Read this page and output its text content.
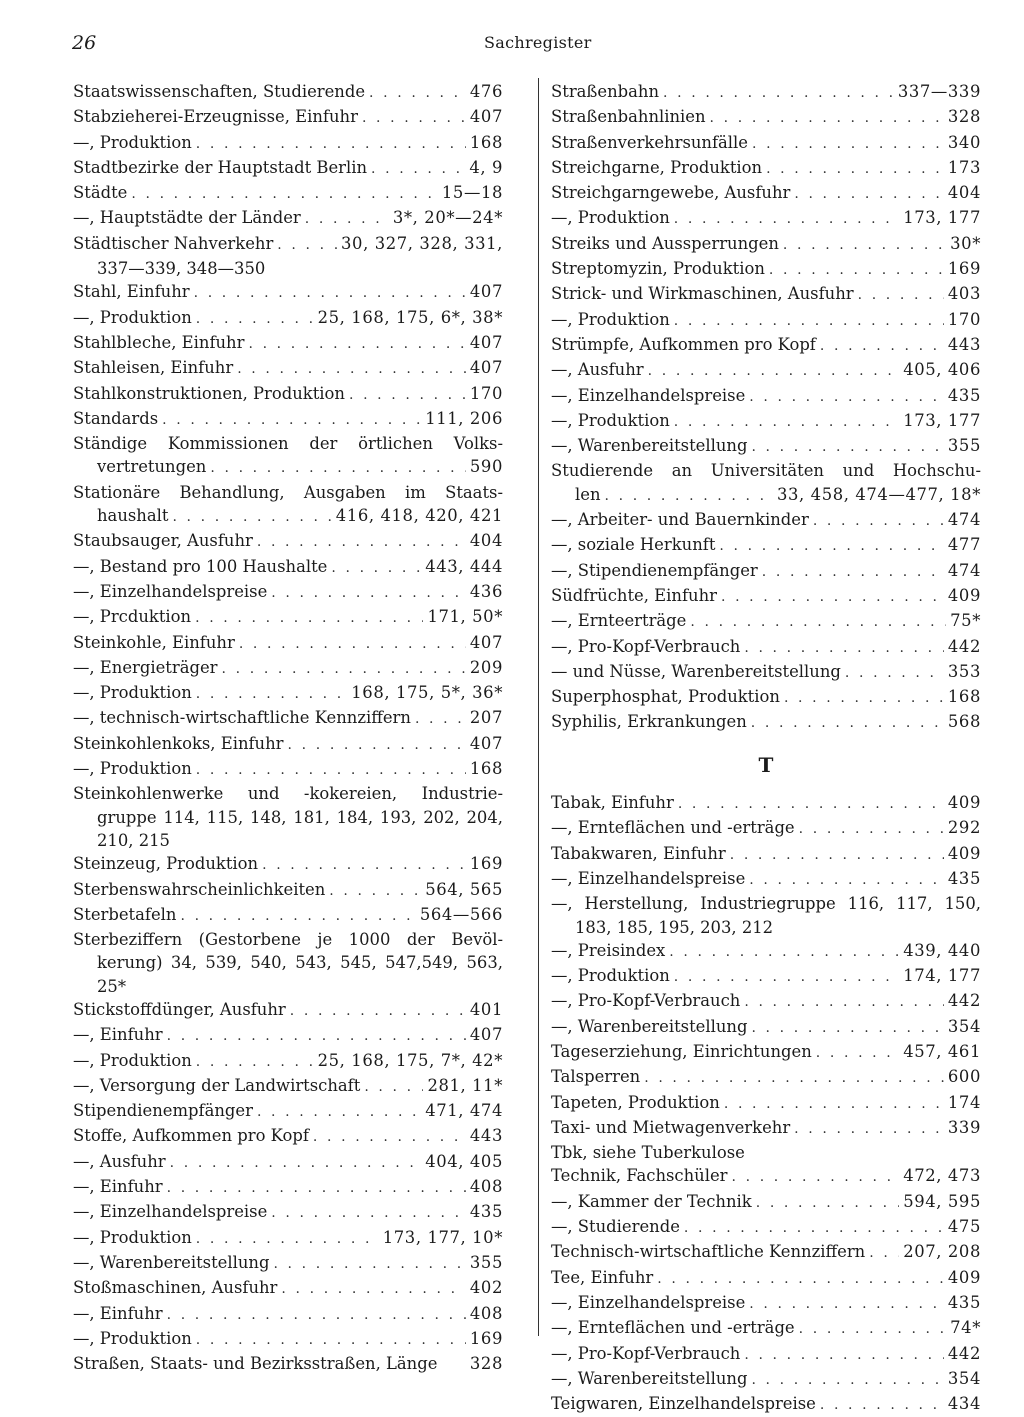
26	Sachregister
Staatswissenschaften, Studierende . . .	476
Stabzieherei-Erzeugnisse, Einfuhr . . .	407
—, Produktion . . .	168
Stadtbezirke der Hauptstadt Berlin . . .	4, 9
Städte . . .	15—18
—, Hauptstädte der Länder . . .	3*, 20*—24*
Städtischer Nahverkehr . . .	30, 327, 328, 331,
337—339, 348—350
Stahl, Einfuhr . . .	407
—, Produktion . . .	25, 168, 175, 6*, 38*
Stahlbleche, Einfuhr . . .	407
Stahleisen, Einfuhr . . .	407
Stahlkonstruktionen, Produktion . . .	170
Standards . . .	111, 206
Ständige Kommissionen der örtlichen Volks-
vertretungen . . .	590
Stationäre Behandlung, Ausgaben im Staats-
haushalt . . .	416, 418, 420, 421
Staubsauger, Ausfuhr . . .	404
—, Bestand pro 100 Haushalte . . .	443, 444
—, Einzelhandelspreise . . .	436
—, Prcduktion . . .	171, 50*
Steinkohle, Einfuhr . . .	407
—, Energieträger . . .	209
—, Produktion . . .	168, 175, 5*, 36*
—, technisch-wirtschaftliche Kennziffern . . .	207
Steinkohlenkoks, Einfuhr . . .	407
—, Produktion . . .	168
Steinkohlenwerke und -kokereien, Industrie-
gruppe 114, 115, 148, 181, 184, 193, 202, 204,
210, 215
Steinzeug, Produktion . . .	169
Sterbenswahrscheinlichkeiten . . .	564, 565
Sterbetafeln . . .	564—566
Sterbeziffern (Gestorbene je 1000 der Bevöl-
kerung) 34, 539, 540, 543, 545, 547,549, 563,
25*
Stickstoffdünger, Ausfuhr . . .	401
—, Einfuhr . . .	407
—, Produktion . . .	25, 168, 175, 7*, 42*
—, Versorgung der Landwirtschaft . . .	281, 11*
Stipendienempfänger . . .	471, 474
Stoffe, Aufkommen pro Kopf . . .	443
—, Ausfuhr . . .	404, 405
—, Einfuhr . . .	408
—, Einzelhandelspreise . . .	435
—, Produktion . . .	173, 177, 10*
—, Warenbereitstellung . . .	355
Stoßmaschinen, Ausfuhr . . .	402
—, Einfuhr . . .	408
—, Produktion . . .	169
Straßen, Staats- und Bezirksstraßen, Länge 328
Straßenbahn . . .	337—339
Straßenbahnlinien . . .	328
Straßenverkehrsunfälle . . .	340
Streichgarne, Produktion . . .	173
Streichgarngewebe, Ausfuhr . . .	404
—, Produktion . . .	173, 177
Streiks und Aussperrungen . . .	30*
Streptomyzin, Produktion . . .	169
Strick- und Wirkmaschinen, Ausfuhr . . .	403
—, Produktion . . .	170
Strümpfe, Aufkommen pro Kopf . . .	443
—, Ausfuhr . . .	405, 406
—, Einzelhandelspreise . . .	435
—, Produktion . . .	173, 177
—, Warenbereitstellung . . .	355
Studierende an Universitäten und Hochschu-
len . . .	33, 458, 474—477, 18*
—, Arbeiter- und Bauernkinder . . .	474
—, soziale Herkunft . . .	477
—, Stipendienempfänger . . .	474
Südfrüchte, Einfuhr . . .	409
—, Ernteerträge . . .	75*
—, Pro-Kopf-Verbrauch . . .	442
— und Nüsse, Warenbereitstellung . . .	353
Superphosphat, Produktion . . .	168
Syphilis, Erkrankungen . . .	568
T
Tabak, Einfuhr . . .	409
—, Ernteflächen und -erträge . . .	292
Tabakwaren, Einfuhr . . .	409
—, Einzelhandelspreise . . .	435
—, Herstellung, Industriegruppe 116, 117, 150,
183, 185, 195, 203, 212
—, Preisindex . . .	439, 440
—, Produktion . . .	174, 177
—, Pro-Kopf-Verbrauch . . .	442
—, Warenbereitstellung . . .	354
Tageserziehung, Einrichtungen . . .	457, 461
Talsperren . . .	600
Tapeten, Produktion . . .	174
Taxi- und Mietwagenverkehr . . .	339
Tbk, siehe Tuberkulose
Technik, Fachschüler . . .	472, 473
—, Kammer der Technik . . .	594, 595
—, Studierende . . .	475
Technisch-wirtschaftliche Kennziffern . . . 207, 208
Tee, Einfuhr . . .	409
—, Einzelhandelspreise . . .	435
—, Ernteflächen und -erträge . . .	74*
—, Pro-Kopf-Verbrauch . . .	442
—, Warenbereitstellung . . .	354
Teigwaren, Einzelhandelspreise . . .	434
